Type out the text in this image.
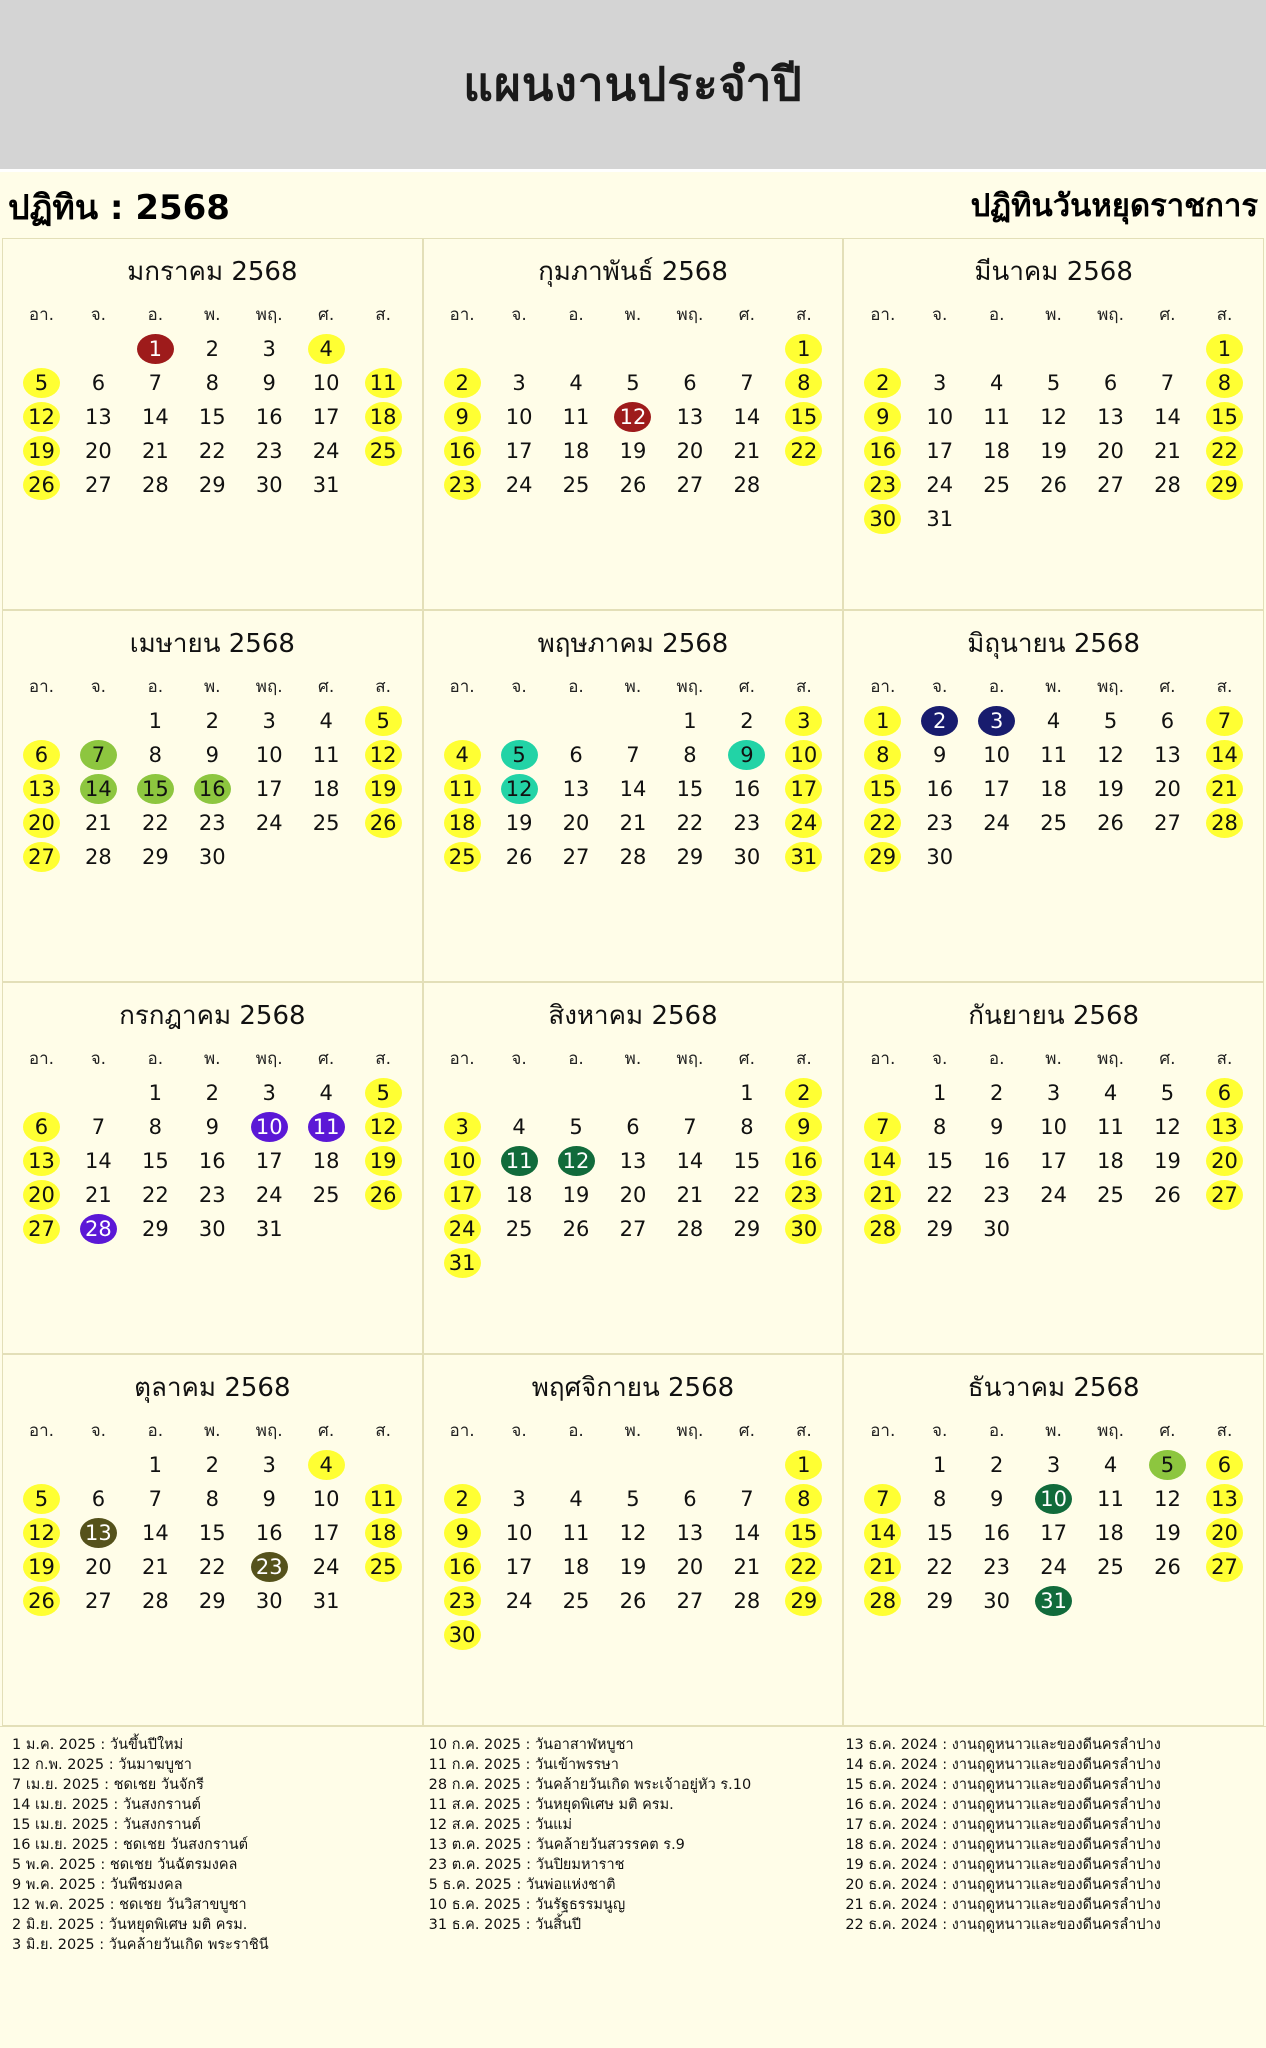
แผนงานประจำปี
ปฏิทิน : 2568	ปฏิทินวันหยุดราชการ
มกราคม 2568
อา.	จ.	อ.	พ.	พฤ.	ศ.	ส.
		1	2	3	4	
5	6	7	8	9	10	11
12	13	14	15	16	17	18
19	20	21	22	23	24	25
26	27	28	29	30	31	

กุมภาพันธ์ 2568
อา.	จ.	อ.	พ.	พฤ.	ศ.	ส.
						1
2	3	4	5	6	7	8
9	10	11	12	13	14	15
16	17	18	19	20	21	22
23	24	25	26	27	28	

มีนาคม 2568
อา.	จ.	อ.	พ.	พฤ.	ศ.	ส.
						1
2	3	4	5	6	7	8
9	10	11	12	13	14	15
16	17	18	19	20	21	22
23	24	25	26	27	28	29
30	31					
เมษายน 2568
อา.	จ.	อ.	พ.	พฤ.	ศ.	ส.
		1	2	3	4	5
6	7	8	9	10	11	12
13	14	15	16	17	18	19
20	21	22	23	24	25	26
27	28	29	30			

พฤษภาคม 2568
อา.	จ.	อ.	พ.	พฤ.	ศ.	ส.
				1	2	3
4	5	6	7	8	9	10
11	12	13	14	15	16	17
18	19	20	21	22	23	24
25	26	27	28	29	30	31

มิถุนายน 2568
อา.	จ.	อ.	พ.	พฤ.	ศ.	ส.
1	2	3	4	5	6	7
8	9	10	11	12	13	14
15	16	17	18	19	20	21
22	23	24	25	26	27	28
29	30					

กรกฎาคม 2568
อา.	จ.	อ.	พ.	พฤ.	ศ.	ส.
		1	2	3	4	5
6	7	8	9	10	11	12
13	14	15	16	17	18	19
20	21	22	23	24	25	26
27	28	29	30	31		

สิงหาคม 2568
อา.	จ.	อ.	พ.	พฤ.	ศ.	ส.
					1	2
3	4	5	6	7	8	9
10	11	12	13	14	15	16
17	18	19	20	21	22	23
24	25	26	27	28	29	30
31						
กันยายน 2568
อา.	จ.	อ.	พ.	พฤ.	ศ.	ส.
	1	2	3	4	5	6
7	8	9	10	11	12	13
14	15	16	17	18	19	20
21	22	23	24	25	26	27
28	29	30				

ตุลาคม 2568
อา.	จ.	อ.	พ.	พฤ.	ศ.	ส.
		1	2	3	4	
5	6	7	8	9	10	11
12	13	14	15	16	17	18
19	20	21	22	23	24	25
26	27	28	29	30	31	

พฤศจิกายน 2568
อา.	จ.	อ.	พ.	พฤ.	ศ.	ส.
						1
2	3	4	5	6	7	8
9	10	11	12	13	14	15
16	17	18	19	20	21	22
23	24	25	26	27	28	29
30						
ธันวาคม 2568
อา.	จ.	อ.	พ.	พฤ.	ศ.	ส.
	1	2	3	4	5	6
7	8	9	10	11	12	13
14	15	16	17	18	19	20
21	22	23	24	25	26	27
28	29	30	31			

1 ม.ค. 2025 : วันขึ้นปีใหม่
12 ก.พ. 2025 : วันมาฆบูชา
7 เม.ย. 2025 : ชดเชย วันจักรี
14 เม.ย. 2025 : วันสงกรานต์
15 เม.ย. 2025 : วันสงกรานต์
16 เม.ย. 2025 : ชดเชย วันสงกรานต์
5 พ.ค. 2025 : ชดเชย วันฉัตรมงคล
9 พ.ค. 2025 : วันพืชมงคล
12 พ.ค. 2025 : ชดเชย วันวิสาขบูชา
2 มิ.ย. 2025 : วันหยุดพิเศษ มติ ครม.
3 มิ.ย. 2025 : วันคล้ายวันเกิด พระราชินี
10 ก.ค. 2025 : วันอาสาฬหบูชา
11 ก.ค. 2025 : วันเข้าพรรษา
28 ก.ค. 2025 : วันคล้ายวันเกิด พระเจ้าอยู่หัว ร.10
11 ส.ค. 2025 : วันหยุดพิเศษ มติ ครม.
12 ส.ค. 2025 : วันแม่
13 ต.ค. 2025 : วันคล้ายวันสวรรคต ร.9
23 ต.ค. 2025 : วันปิยมหาราช
5 ธ.ค. 2025 : วันพ่อแห่งชาติ
10 ธ.ค. 2025 : วันรัฐธรรมนูญ
31 ธ.ค. 2025 : วันสิ้นปี
13 ธ.ค. 2024 : งานฤดูหนาวและของดีนครลำปาง
14 ธ.ค. 2024 : งานฤดูหนาวและของดีนครลำปาง
15 ธ.ค. 2024 : งานฤดูหนาวและของดีนครลำปาง
16 ธ.ค. 2024 : งานฤดูหนาวและของดีนครลำปาง
17 ธ.ค. 2024 : งานฤดูหนาวและของดีนครลำปาง
18 ธ.ค. 2024 : งานฤดูหนาวและของดีนครลำปาง
19 ธ.ค. 2024 : งานฤดูหนาวและของดีนครลำปาง
20 ธ.ค. 2024 : งานฤดูหนาวและของดีนครลำปาง
21 ธ.ค. 2024 : งานฤดูหนาวและของดีนครลำปาง
22 ธ.ค. 2024 : งานฤดูหนาวและของดีนครลำปาง
